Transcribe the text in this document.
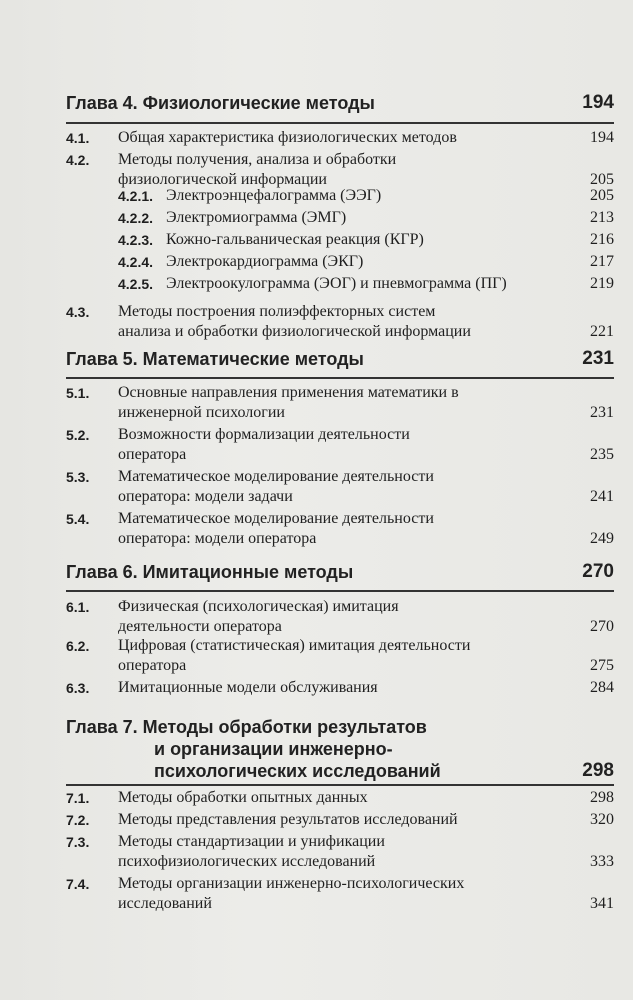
Глава 4. Физиологические методы	194
4.1. Общая характеристика физиологических методов	194
4.2. Методы получения, анализа и обработки
физиологической информации	205
4.2.1. Электроэнцефалограмма (ЭЭГ)	205
4.2.2. Электромиограмма (ЭМГ)	213
4.2.3. Кожно-гальваническая реакция (КГР)	216
4.2.4. Электрокардиограмма (ЭКГ)	217
4.2.5. Электроокулограмма (ЭОГ) и пневмограмма (ПГ)	219
4.3. Методы построения полиэффекторных систем
анализа и обработки физиологической информации	221
Глава 5. Математические методы	231
5.1. Основные направления применения математики в
инженерной психологии	231
5.2. Возможности формализации деятельности
оператора	235
5.3. Математическое моделирование деятельности
оператора: модели задачи	241
5.4. Математическое моделирование деятельности
оператора: модели оператора	249
Глава 6. Имитационные методы	270
6.1. Физическая (психологическая) имитация
деятельности оператора	270
6.2. Цифровая (статистическая) имитация деятельности
оператора	275
6.3. Имитационные модели обслуживания	284
Глава 7. Методы обработки результатов
и организации инженерно-
психологических исследований	298
7.1. Методы обработки опытных данных	298
7.2. Методы представления результатов исследований	320
7.3. Методы стандартизации и унификации
психофизиологических исследований	333
7.4. Методы организации инженерно-психологических
исследований	341
